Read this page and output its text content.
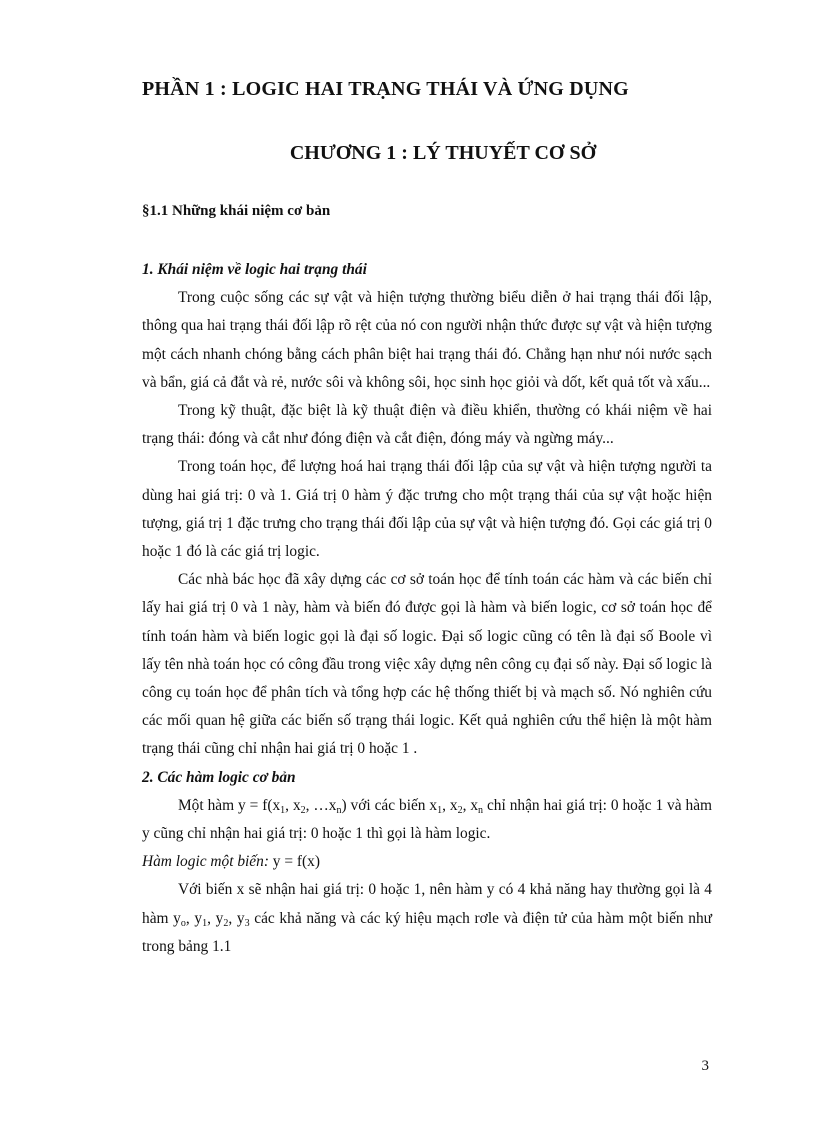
PHẦN 1 : LOGIC HAI TRẠNG THÁI VÀ ỨNG DỤNG
CHƯƠNG 1 : LÝ THUYẾT CƠ SỞ
§1.1 Những khái niệm cơ bản

1. Khái niệm về logic hai trạng thái

Trong cuộc sống các sự vật và hiện tượng thường biểu diễn ở hai trạng thái đối lập, thông qua hai trạng thái đối lập rõ rệt của nó con người nhận thức được sự vật và hiện tượng một cách nhanh chóng bằng cách phân biệt hai trạng thái đó. Chẳng hạn như nói nước sạch và bẩn, giá cả đắt và rẻ, nước sôi và không sôi, học sinh học giỏi và dốt, kết quả tốt và xấu...

Trong kỹ thuật, đặc biệt là kỹ thuật điện và điều khiển, thường có khái niệm về hai trạng thái: đóng và cắt như đóng điện và cắt điện, đóng máy và ngừng máy...

Trong toán học, để lượng hoá hai trạng thái đối lập của sự vật và hiện tượng người ta dùng hai giá trị: 0 và 1. Giá trị 0 hàm ý đặc trưng cho một trạng thái của sự vật hoặc hiện tượng, giá trị 1 đặc trưng cho trạng thái đối lập của sự vật và hiện tượng đó. Gọi các giá trị 0 hoặc 1 đó là các giá trị logic.

Các nhà bác học đã xây dựng các cơ sở toán học để tính toán các hàm và các biến chỉ lấy hai giá trị 0 và 1 này, hàm và biến đó được gọi là hàm và biến logic, cơ sở toán học để tính toán hàm và biến logic gọi là đại số logic. Đại số logic cũng có tên là đại số Boole vì lấy tên nhà toán học có công đầu trong việc xây dựng nên công cụ đại số này. Đại số logic là công cụ toán học để phân tích và tổng hợp các hệ thống thiết bị và mạch số. Nó nghiên cứu các mối quan hệ giữa các biến số trạng thái logic. Kết quả nghiên cứu thể hiện là một hàm trạng thái cũng chỉ nhận hai giá trị 0 hoặc 1 .

2. Các hàm logic cơ bản

Một hàm $y = f(x_1$, $x_2$, $\dots x_n$) với các biến $x_1$, $x_2$, $x_n$ chỉ nhận hai giá trị: 0 hoặc 1 và hàm y cũng chỉ nhận hai giá trị: 0 hoặc 1 thì gọi là hàm logic.

Hàm logic một biến: y = f(x)

Với biến x sẽ nhận hai giá trị: 0 hoặc 1, nên hàm y có 4 khả năng hay thường gọi là 4 hàm $y_o$, $y_1$, $y_2$, $y_3$ các khả năng và các ký hiệu mạch rơle và điện tử của hàm một biến như trong bảng 1.1

3
